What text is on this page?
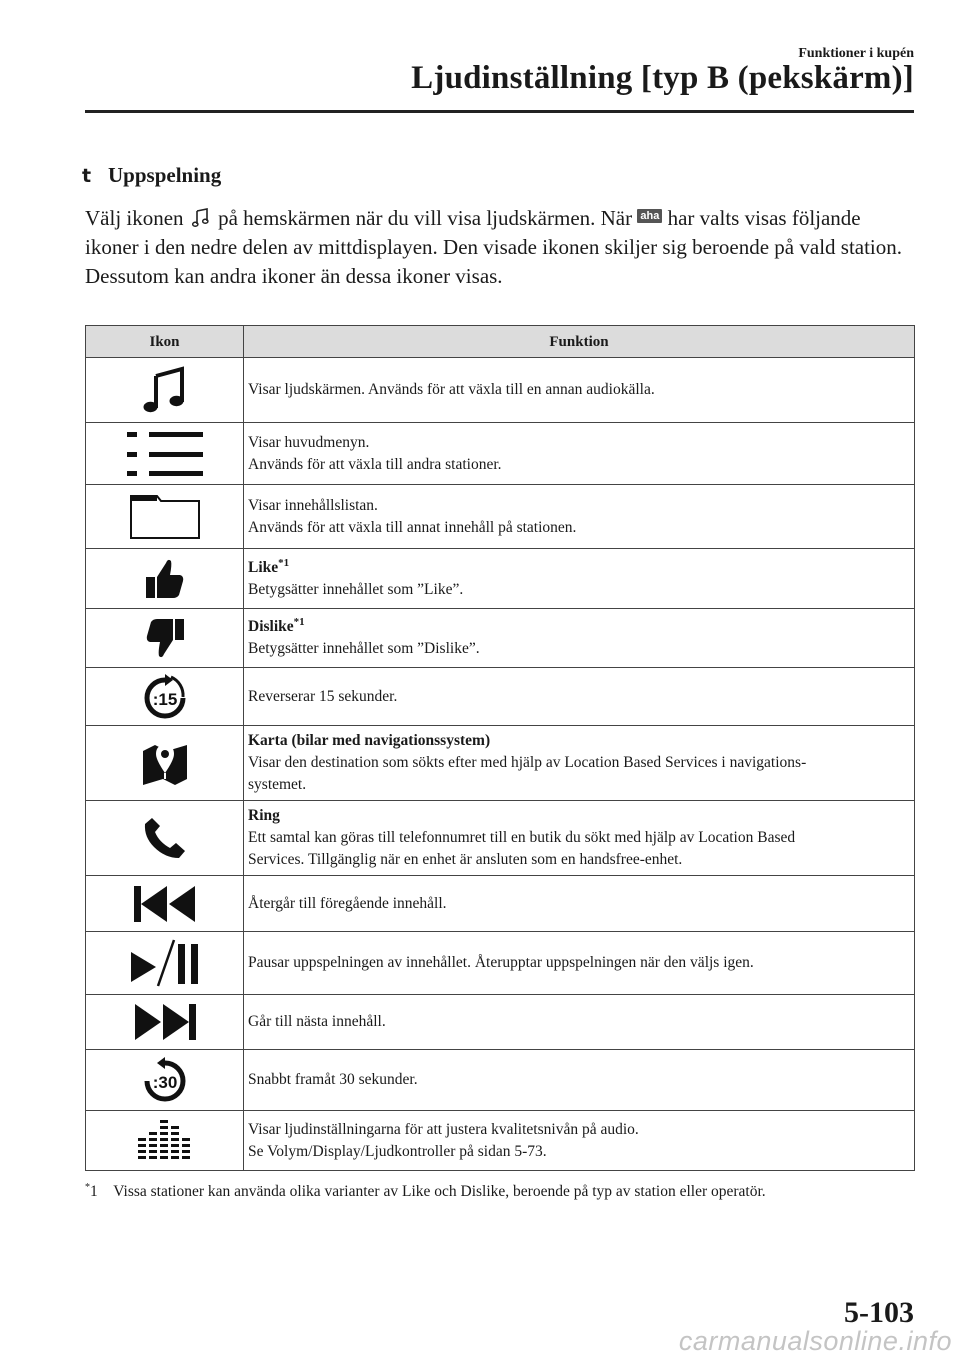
Funktioner i kupén
Ljudinställning [typ B (pekskärm)]
t Uppspelning

Välj ikonen på hemskärmen när du vill visa ljudskärmen. När aha har valts visas följande ikoner i den nedre delen av mittdisplayen. Den visade ikonen skiljer sig beroende på vald station.

Dessutom kan andra ikoner än dessa ikoner visas.

Ikon	Funktion

Visar ljudskärmen. Används för att växla till en annan audiokälla.

Visar huvudmenyn.
Används för att växla till andra stationer.

Visar innehållslistan.
Används för att växla till annat innehåll på stationen.

Like$^{*1}$
Betygsätter innehållet som ”Like”.

Dislike$^{*1}$
Betygsätter innehållet som ”Dislike”.

:15	Reverserar 15 sekunder.

Karta (bilar med navigationssystem)
Visar den destination som sökts efter med hjälp av Location Based Services i navigations-
systemet.

Ring
Ett samtal kan göras till telefonnumret till en butik du sökt med hjälp av Location Based
Services. Tillgänglig när en enhet är ansluten som en handsfree-enhet.

Återgår till föregående innehåll.

Pausar uppspelningen av innehållet. Återupptar uppspelningen när den väljs igen.

Går till nästa innehåll.

:30	Snabbt framåt 30 sekunder.

Visar ljudinställningarna för att justera kvalitetsnivån på audio.
Se Volym/Display/Ljudkontroller på sidan 5-73.
*1 Vissa stationer kan använda olika varianter av Like och Dislike, beroende på typ av station eller operatör.
5-103
carmanualsonline.info
